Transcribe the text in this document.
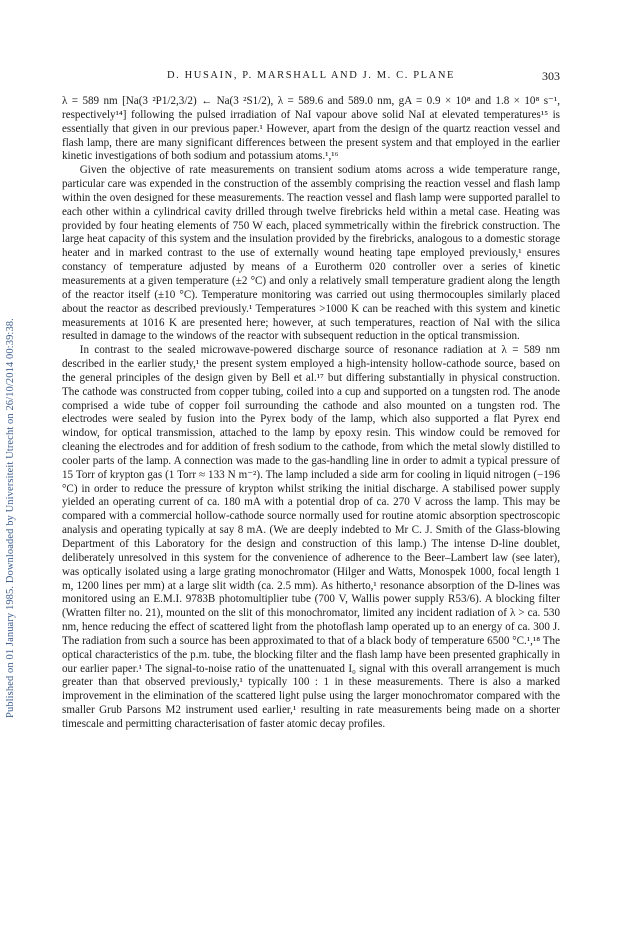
Published on 01 January 1985. Downloaded by Universiteit Utrecht on 26/10/2014 00:39:38.
D. HUSAIN, P. MARSHALL AND J. M. C. PLANE	303

λ = 589 nm [Na(3 ²P1/2,3/2) ← Na(3 ²S1/2), λ = 589.6 and 589.0 nm, gA = 0.9 × 10⁸ and 1.8 × 10⁸ s⁻¹, respectively¹⁴] following the pulsed irradiation of NaI vapour above solid NaI at elevated temperatures¹⁵ is essentially that given in our previous paper.¹ However, apart from the design of the quartz reaction vessel and flash lamp, there are many significant differences between the present system and that employed in the earlier kinetic investigations of both sodium and potassium atoms.¹,¹⁶

Given the objective of rate measurements on transient sodium atoms across a wide temperature range, particular care was expended in the construction of the assembly comprising the reaction vessel and flash lamp within the oven designed for these measurements. The reaction vessel and flash lamp were supported parallel to each other within a cylindrical cavity drilled through twelve firebricks held within a metal case. Heating was provided by four heating elements of 750 W each, placed symmetrically within the firebrick construction. The large heat capacity of this system and the insulation provided by the firebricks, analogous to a domestic storage heater and in marked contrast to the use of externally wound heating tape employed previously,¹ ensures constancy of temperature adjusted by means of a Eurotherm 020 controller over a series of kinetic measurements at a given temperature (±2 °C) and only a relatively small temperature gradient along the length of the reactor itself (±10 °C). Temperature monitoring was carried out using thermocouples similarly placed about the reactor as described previously.¹ Temperatures >1000 K can be reached with this system and kinetic measurements at 1016 K are presented here; however, at such temperatures, reaction of NaI with the silica resulted in damage to the windows of the reactor with subsequent reduction in the optical transmission.

In contrast to the sealed microwave-powered discharge source of resonance radiation at λ = 589 nm described in the earlier study,¹ the present system employed a high-intensity hollow-cathode source, based on the general principles of the design given by Bell et al.¹⁷ but differing substantially in physical construction. The cathode was constructed from copper tubing, coiled into a cup and supported on a tungsten rod. The anode comprised a wide tube of copper foil surrounding the cathode and also mounted on a tungsten rod. The electrodes were sealed by fusion into the Pyrex body of the lamp, which also supported a flat Pyrex end window, for optical transmission, attached to the lamp by epoxy resin. This window could be removed for cleaning the electrodes and for addition of fresh sodium to the cathode, from which the metal slowly distilled to cooler parts of the lamp. A connection was made to the gas-handling line in order to admit a typical pressure of 15 Torr of krypton gas (1 Torr ≈ 133 N m⁻²). The lamp included a side arm for cooling in liquid nitrogen (−196 °C) in order to reduce the pressure of krypton whilst striking the initial discharge. A stabilised power supply yielded an operating current of ca. 180 mA with a potential drop of ca. 270 V across the lamp. This may be compared with a commercial hollow-cathode source normally used for routine atomic absorption spectroscopic analysis and operating typically at say 8 mA. (We are deeply indebted to Mr C. J. Smith of the Glass-blowing Department of this Laboratory for the design and construction of this lamp.) The intense D-line doublet, deliberately unresolved in this system for the convenience of adherence to the Beer–Lambert law (see later), was optically isolated using a large grating monochromator (Hilger and Watts, Monospek 1000, focal length 1 m, 1200 lines per mm) at a large slit width (ca. 2.5 mm). As hitherto,¹ resonance absorption of the D-lines was monitored using an E.M.I. 9783B photomultiplier tube (700 V, Wallis power supply R53/6). A blocking filter (Wratten filter no. 21), mounted on the slit of this monochromator, limited any incident radiation of λ > ca. 530 nm, hence reducing the effect of scattered light from the photoflash lamp operated up to an energy of ca. 300 J. The radiation from such a source has been approximated to that of a black body of temperature 6500 °C.¹,¹⁸ The optical characteristics of the p.m. tube, the blocking filter and the flash lamp have been presented graphically in our earlier paper.¹ The signal-to-noise ratio of the unattenuated I₀ signal with this overall arrangement is much greater than that observed previously,¹ typically 100 : 1 in these measurements. There is also a marked improvement in the elimination of the scattered light pulse using the larger monochromator compared with the smaller Grub Parsons M2 instrument used earlier,¹ resulting in rate measurements being made on a shorter timescale and permitting characterisation of faster atomic decay profiles.
